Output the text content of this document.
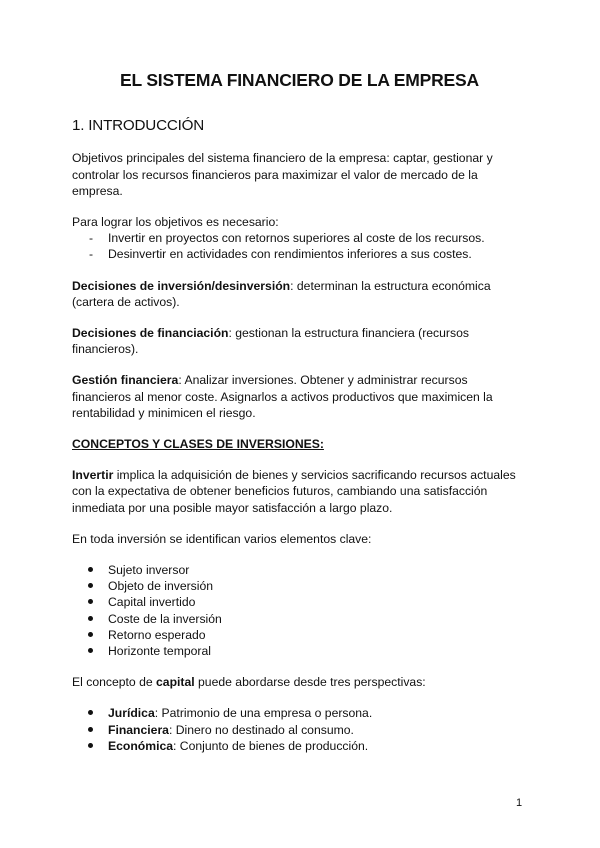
EL SISTEMA FINANCIERO DE LA EMPRESA
1. INTRODUCCIÓN

Objetivos principales del sistema financiero de la empresa: captar, gestionar y controlar los recursos financieros para maximizar el valor de mercado de la empresa.

Para lograr los objetivos es necesario:

- Invertir en proyectos con retornos superiores al coste de los recursos.
- Desinvertir en actividades con rendimientos inferiores a sus costes.

Decisiones de inversión/desinversión: determinan la estructura económica (cartera de activos).

Decisiones de financiación: gestionan la estructura financiera (recursos financieros).

Gestión financiera: Analizar inversiones. Obtener y administrar recursos financieros al menor coste. Asignarlos a activos productivos que maximicen la rentabilidad y minimicen el riesgo.

CONCEPTOS Y CLASES DE INVERSIONES:

Invertir implica la adquisición de bienes y servicios sacrificando recursos actuales con la expectativa de obtener beneficios futuros, cambiando una satisfacción inmediata por una posible mayor satisfacción a largo plazo.

En toda inversión se identifican varios elementos clave:

Sujeto inversor
Objeto de inversión
Capital invertido
Coste de la inversión
Retorno esperado
Horizonte temporal

El concepto de capital puede abordarse desde tres perspectivas:

Jurídica: Patrimonio de una empresa o persona.
Financiera: Dinero no destinado al consumo.
Económica: Conjunto de bienes de producción.
1
